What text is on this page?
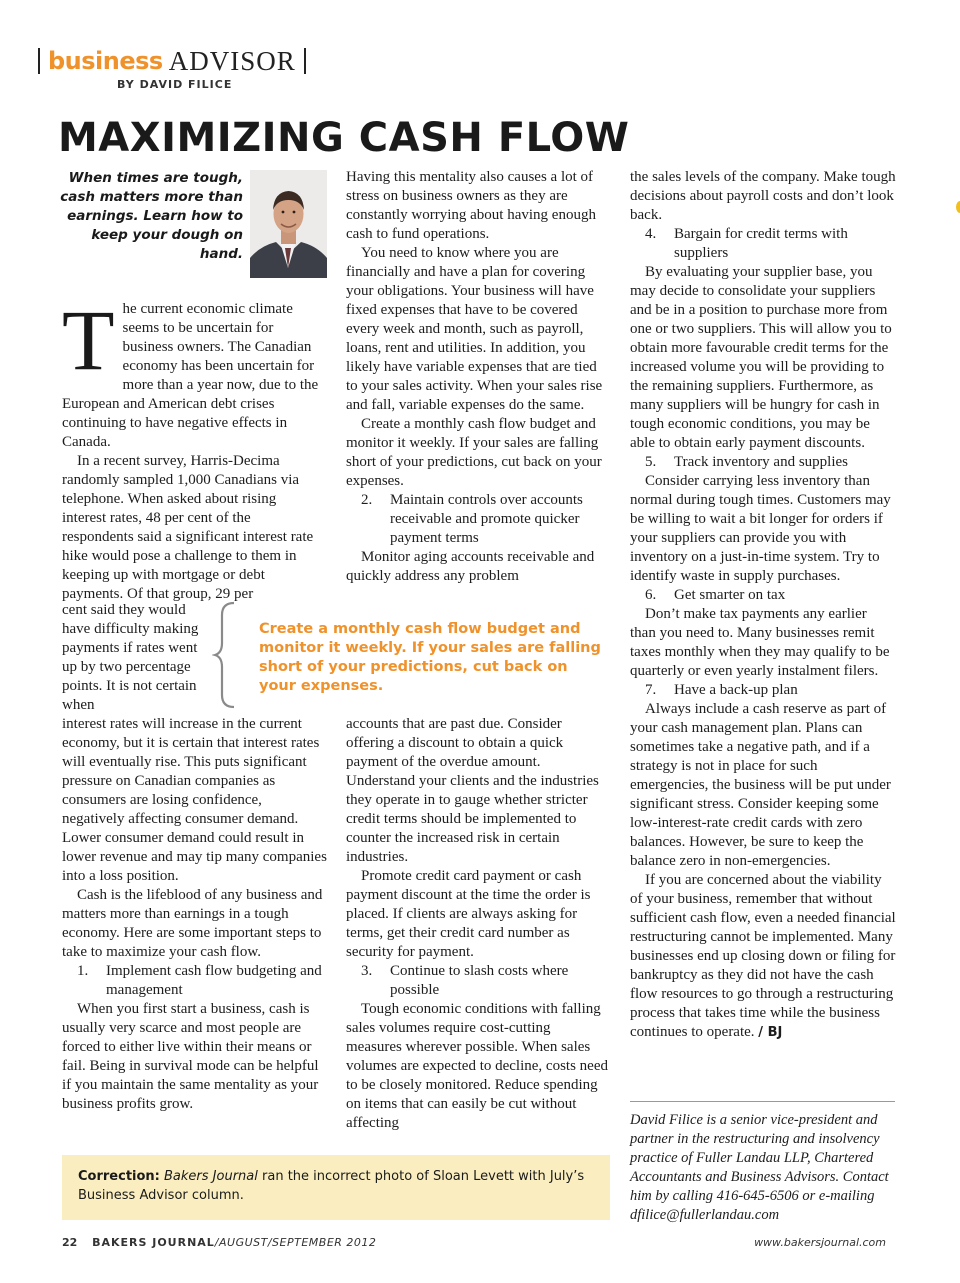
business ADVISOR
BY DAVID FILICE
MAXIMIZING CASH FLOW
When times are tough, cash matters more than earnings. Learn how to keep your dough on hand.

The current economic climate seems to be uncertain for business owners. The Canadian economy has been uncertain for more than a year now, due to the European and American debt crises continuing to have negative effects in Canada.

In a recent survey, Harris-Decima randomly sampled 1,000 Canadians via telephone. When asked about rising interest rates, 48 per cent of the respondents said a significant interest rate hike would pose a challenge to them in keeping up with mortgage or debt payments. Of that group, 29 per

cent said they would have difficulty making payments if rates went up by two percentage points. It is not certain when

interest rates will increase in the current economy, but it is certain that interest rates will eventually rise. This puts significant pressure on Canadian companies as consumers are losing confidence, negatively affecting consumer demand. Lower consumer demand could result in lower revenue and may tip many companies into a loss position.

Cash is the lifeblood of any business and matters more than earnings in a tough economy. Here are some important steps to take to maximize your cash flow.

1.	Implement cash flow budgeting and management

When you first start a business, cash is usually very scarce and most people are forced to either live within their means or fail. Being in survival mode can be helpful if you maintain the same mentality as your business profits grow.

Having this mentality also causes a lot of stress on business owners as they are constantly worrying about having enough cash to fund operations.

You need to know where you are financially and have a plan for covering your obligations. Your business will have fixed expenses that have to be covered every week and month, such as payroll, loans, rent and utilities. In addition, you likely have variable expenses that are tied to your sales activity. When your sales rise and fall, variable expenses do the same.

Create a monthly cash flow budget and monitor it weekly. If your sales are falling short of your predictions, cut back on your expenses.

2.	Maintain controls over accounts receivable and promote quicker payment terms

Monitor aging accounts receivable and quickly address any problem

Create a monthly cash flow budget and monitor it weekly. If your sales are falling short of your predictions, cut back on your expenses.

accounts that are past due. Consider offering a discount to obtain a quick payment of the overdue amount. Understand your clients and the industries they operate in to gauge whether stricter credit terms should be implemented to counter the increased risk in certain industries.

Promote credit card payment or cash payment discount at the time the order is placed. If clients are always asking for terms, get their credit card number as security for payment.

3.	Continue to slash costs where possible

Tough economic conditions with falling sales volumes require cost-cutting measures wherever possible. When sales volumes are expected to decline, costs need to be closely monitored. Reduce spending on items that can easily be cut without affecting

the sales levels of the company. Make tough decisions about payroll costs and don’t look back.

4.	Bargain for credit terms with suppliers

By evaluating your supplier base, you may decide to consolidate your suppliers and be in a position to purchase more from one or two suppliers. This will allow you to obtain more favourable credit terms for the increased volume you will be providing to the remaining suppliers. Furthermore, as many suppliers will be hungry for cash in tough economic conditions, you may be able to obtain early payment discounts.

5.	Track inventory and supplies

Consider carrying less inventory than normal during tough times. Customers may be willing to wait a bit longer for orders if your suppliers can provide you with inventory on a just-in-time system. Try to identify waste in supply purchases.

6.	Get smarter on tax

Don’t make tax payments any earlier than you need to. Many businesses remit taxes monthly when they may qualify to be quarterly or even yearly instalment filers.

7.	Have a back-up plan

Always include a cash reserve as part of your cash management plan. Plans can sometimes take a negative path, and if a strategy is not in place for such emergencies, the business will be put under significant stress. Consider keeping some low-interest-rate credit cards with zero balances. However, be sure to keep the balance zero in non-emergencies.

If you are concerned about the viability of your business, remember that without sufficient cash flow, even a needed financial restructuring cannot be implemented. Many businesses end up closing down or filing for bankruptcy as they did not have the cash flow resources to go through a restructuring process that takes time while the business continues to operate. / BJ

David Filice is a senior vice-president and partner in the restructuring and insolvency practice of Fuller Landau LLP, Chartered Accountants and Business Advisors. Contact him by calling 416-645-6506 or e-mailing dfilice@fullerlandau.com
Correction: Bakers Journal ran the incorrect photo of Sloan Levett with July’s Business Advisor column.
22 BAKERS JOURNAL/AUGUST/SEPTEMBER 2012	www.bakersjournal.com
